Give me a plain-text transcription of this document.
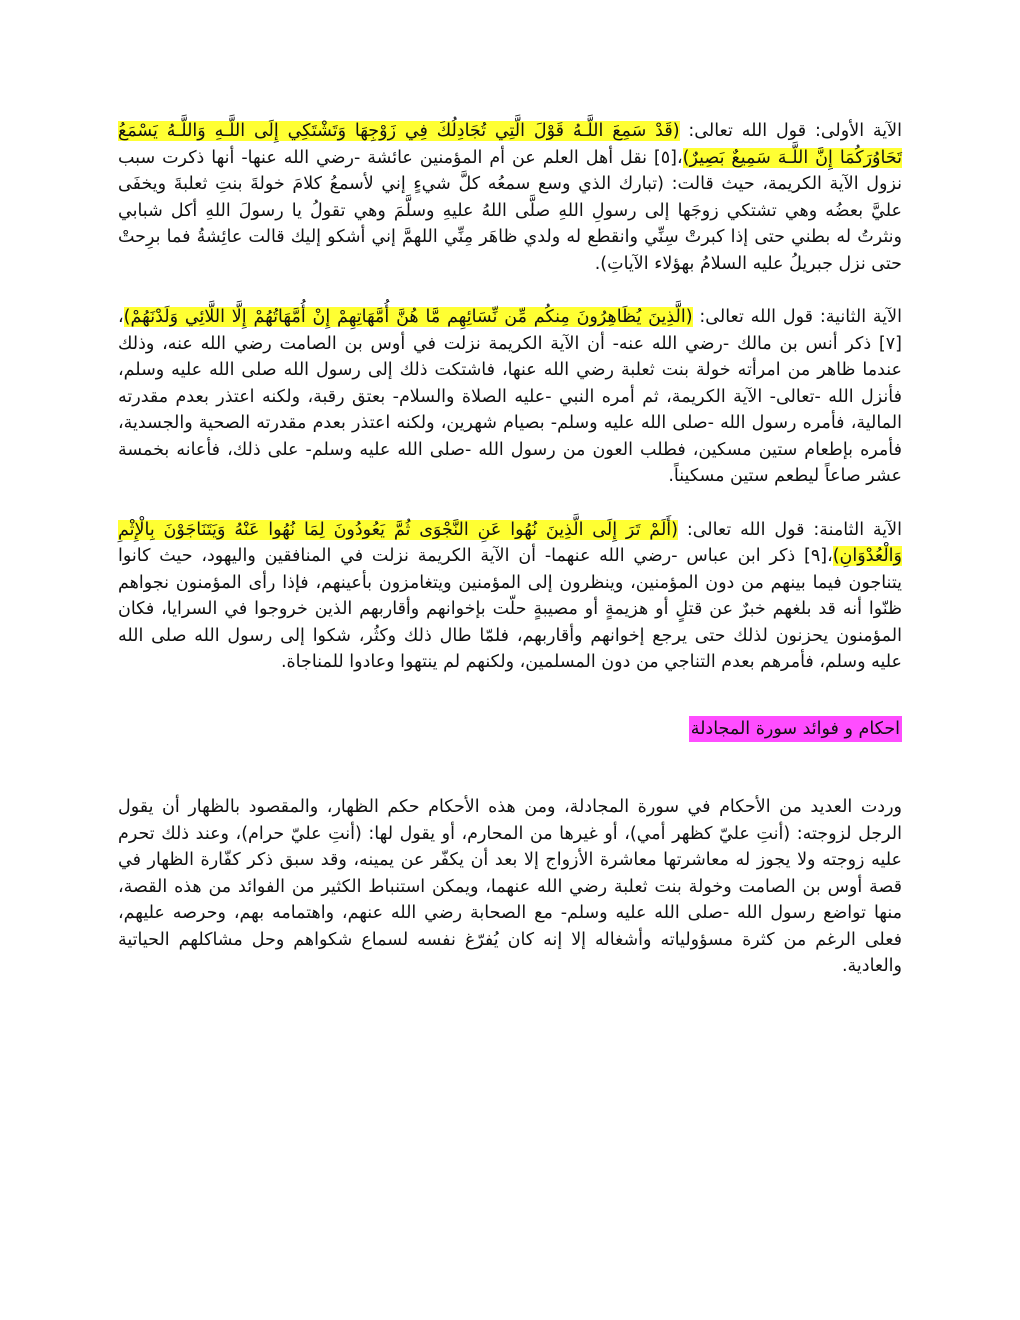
الآية الأولى: قول الله تعالى: (قَدْ سَمِعَ اللَّـهُ قَوْلَ الَّتِي تُجَادِلُكَ فِي زَوْجِهَا وَتَشْتَكِي إِلَى اللَّـهِ وَاللَّـهُ يَسْمَعُ تَحَاوُرَكُمَا إِنَّ اللَّـهَ سَمِيعٌ بَصِيرٌ)،[٥] نقل أهل العلم عن أم المؤمنين عائشة -رضي الله عنها- أنها ذكرت سبب نزول الآية الكريمة، حيث قالت: (تبارك الذي وسع سمعُه كلَّ شيءٍ إني لأسمعُ كلامَ خولةَ بنتِ ثعلبةَ ويخفَى عليَّ بعضُه وهي تشتكي زوجَها إلى رسولِ اللهِ صلَّى اللهُ عليهِ وسلَّمَ وهي تقولُ يا رسولَ اللهِ أكل شبابي ونثرتُ له بطني حتى إذا كبرتْ سِنِّي وانقطع له ولدي ظاهَر مِنِّي اللهمَّ إني أشكو إليك قالت عائِشةُ فما برِحتْ حتى نزل جبريلُ عليه السلامُ بهؤلاء الآياتِ).

الآية الثانية: قول الله تعالى: (الَّذِينَ يُظَاهِرُونَ مِنكُم مِّن نِّسَائِهِم مَّا هُنَّ أُمَّهَاتِهِمْ إِنْ أُمَّهَاتُهُمْ إِلَّا اللَّائِي وَلَدْنَهُمْ)،[٧] ذكر أنس بن مالك -رضي الله عنه- أن الآية الكريمة نزلت في أوس بن الصامت رضي الله عنه، وذلك عندما ظاهر من امرأته خولة بنت ثعلبة رضي الله عنها، فاشتكت ذلك إلى رسول الله صلى الله عليه وسلم، فأنزل الله -تعالى- الآية الكريمة، ثم أمره النبي -عليه الصلاة والسلام- بعتق رقبة، ولكنه اعتذر بعدم مقدرته المالية، فأمره رسول الله -صلى الله عليه وسلم- بصيام شهرين، ولكنه اعتذر بعدم مقدرته الصحية والجسدية، فأمره بإطعام ستين مسكين، فطلب العون من رسول الله -صلى الله عليه وسلم- على ذلك، فأعانه بخمسة عشر صاعاً ليطعم ستين مسكيناً.

الآية الثامنة: قول الله تعالى: (أَلَمْ تَرَ إِلَى الَّذِينَ نُهُوا عَنِ النَّجْوَى ثُمَّ يَعُودُونَ لِمَا نُهُوا عَنْهُ وَيَتَنَاجَوْنَ بِالْإِثْمِ وَالْعُدْوَانِ)،[٩] ذكر ابن عباس -رضي الله عنهما- أن الآية الكريمة نزلت في المنافقين واليهود، حيث كانوا يتناجون فيما بينهم من دون المؤمنين، وينظرون إلى المؤمنين ويتغامزون بأعينهم، فإذا رأى المؤمنون نجواهم ظنّوا أنه قد بلغهم خبرٌ عن قتلٍ أو هزيمةٍ أو مصيبةٍ حلّت بإخوانهم وأقاربهم الذين خروجوا في السرايا، فكان المؤمنون يحزنون لذلك حتى يرجع إخوانهم وأقاربهم، فلمّا طال ذلك وكثُر، شكوا إلى رسول الله صلى الله عليه وسلم، فأمرهم بعدم التناجي من دون المسلمين، ولكنهم لم ينتهوا وعادوا للمناجاة.

احكام و فوائد سورة المجادلة

وردت العديد من الأحكام في سورة المجادلة، ومن هذه الأحكام حكم الظهار، والمقصود بالظهار أن يقول الرجل لزوجته: (أنتِ عليّ كظهر أمي)، أو غيرها من المحارم، أو يقول لها: (أنتِ عليّ حرام)، وعند ذلك تحرم عليه زوجته ولا يجوز له معاشرتها معاشرة الأزواج إلا بعد أن يكفّر عن يمينه، وقد سبق ذكر كفّارة الظهار في قصة أوس بن الصامت وخولة بنت ثعلبة رضي الله عنهما، ويمكن استنباط الكثير من الفوائد من هذه القصة، منها تواضع رسول الله -صلى الله عليه وسلم- مع الصحابة رضي الله عنهم، واهتمامه بهم، وحرصه عليهم، فعلى الرغم من كثرة مسؤولياته وأشغاله إلا إنه كان يُفرّغ نفسه لسماع شكواهم وحل مشاكلهم الحياتية والعادية.
